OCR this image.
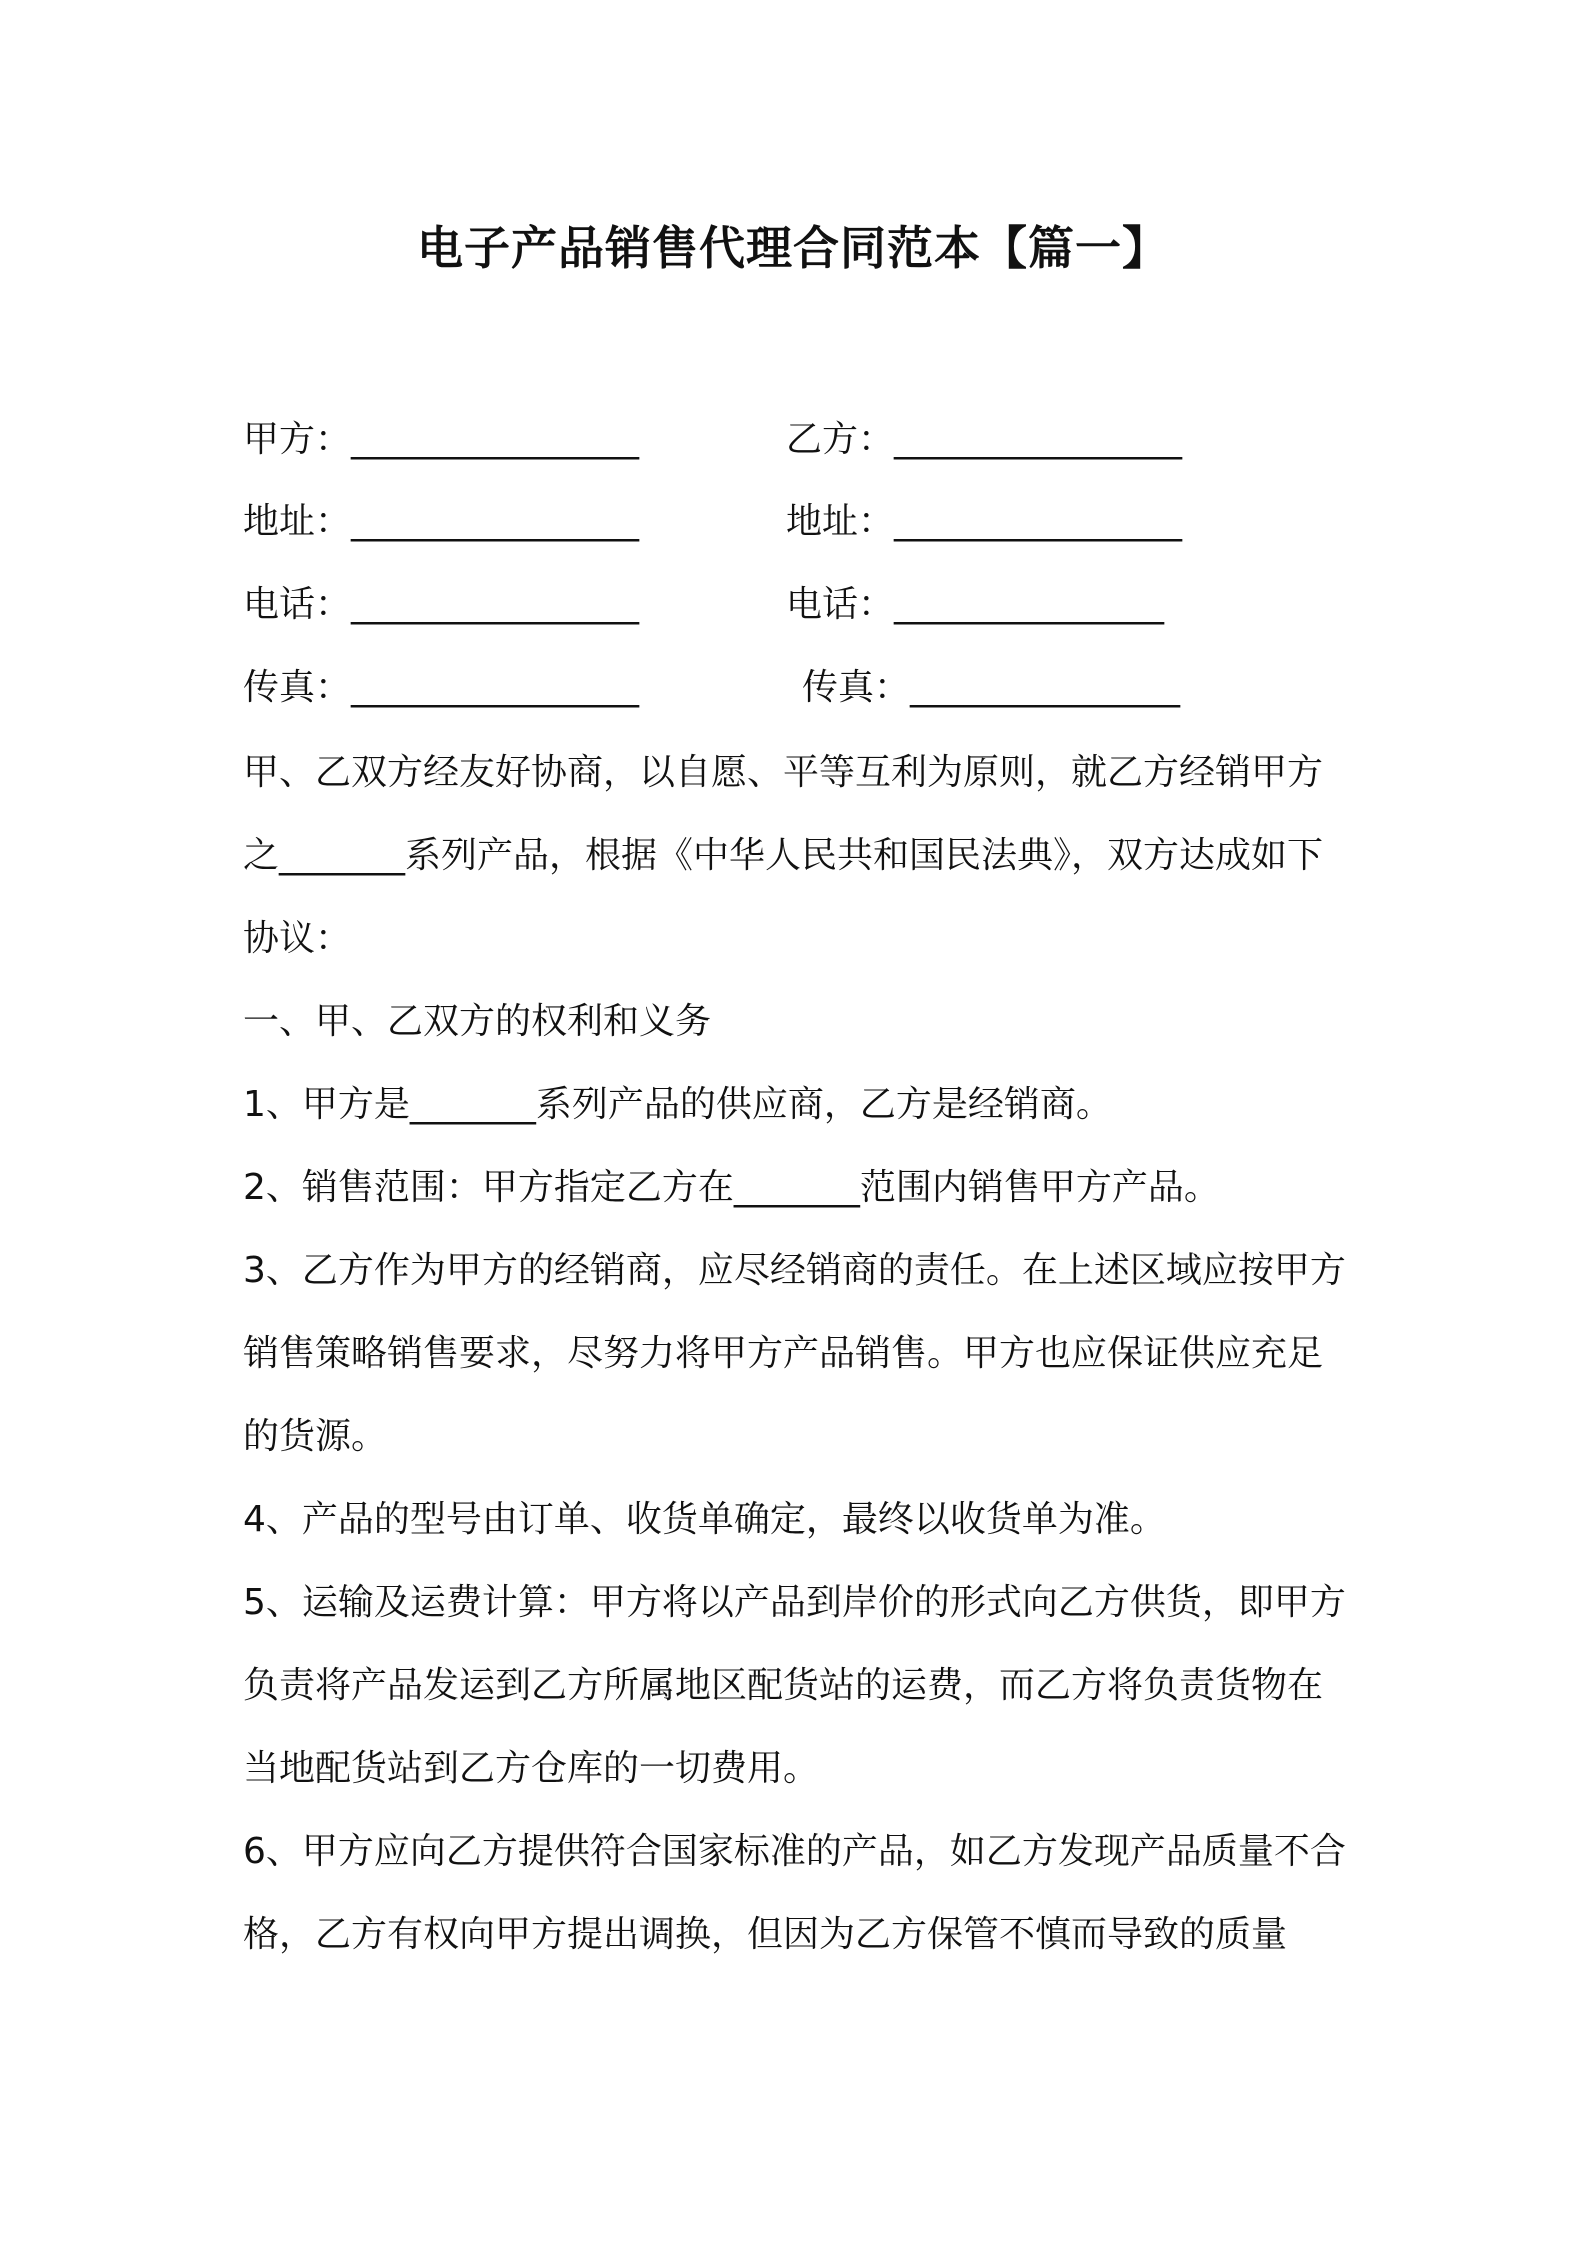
电子产品销售代理合同范本【篇一】
甲方：________________	乙方：________________
地址：________________	地址：________________
电话：________________	电话：_______________
传真：________________	传真：_______________

甲、乙双方经友好协商，以自愿、平等互利为原则，就乙方经销甲方之_______系列产品，根据《中华人民共和国民法典》，双方达成如下协议：

一、甲、乙双方的权利和义务

1、甲方是_______系列产品的供应商，乙方是经销商。

2、销售范围：甲方指定乙方在_______范围内销售甲方产品。

3、乙方作为甲方的经销商，应尽经销商的责任。在上述区域应按甲方销售策略销售要求，尽努力将甲方产品销售。甲方也应保证供应充足的货源。

4、产品的型号由订单、收货单确定，最终以收货单为准。

5、运输及运费计算：甲方将以产品到岸价的形式向乙方供货，即甲方负责将产品发运到乙方所属地区配货站的运费，而乙方将负责货物在当地配货站到乙方仓库的一切费用。

6、甲方应向乙方提供符合国家标准的产品，如乙方发现产品质量不合格，乙方有权向甲方提出调换，但因为乙方保管不慎而导致的质量
